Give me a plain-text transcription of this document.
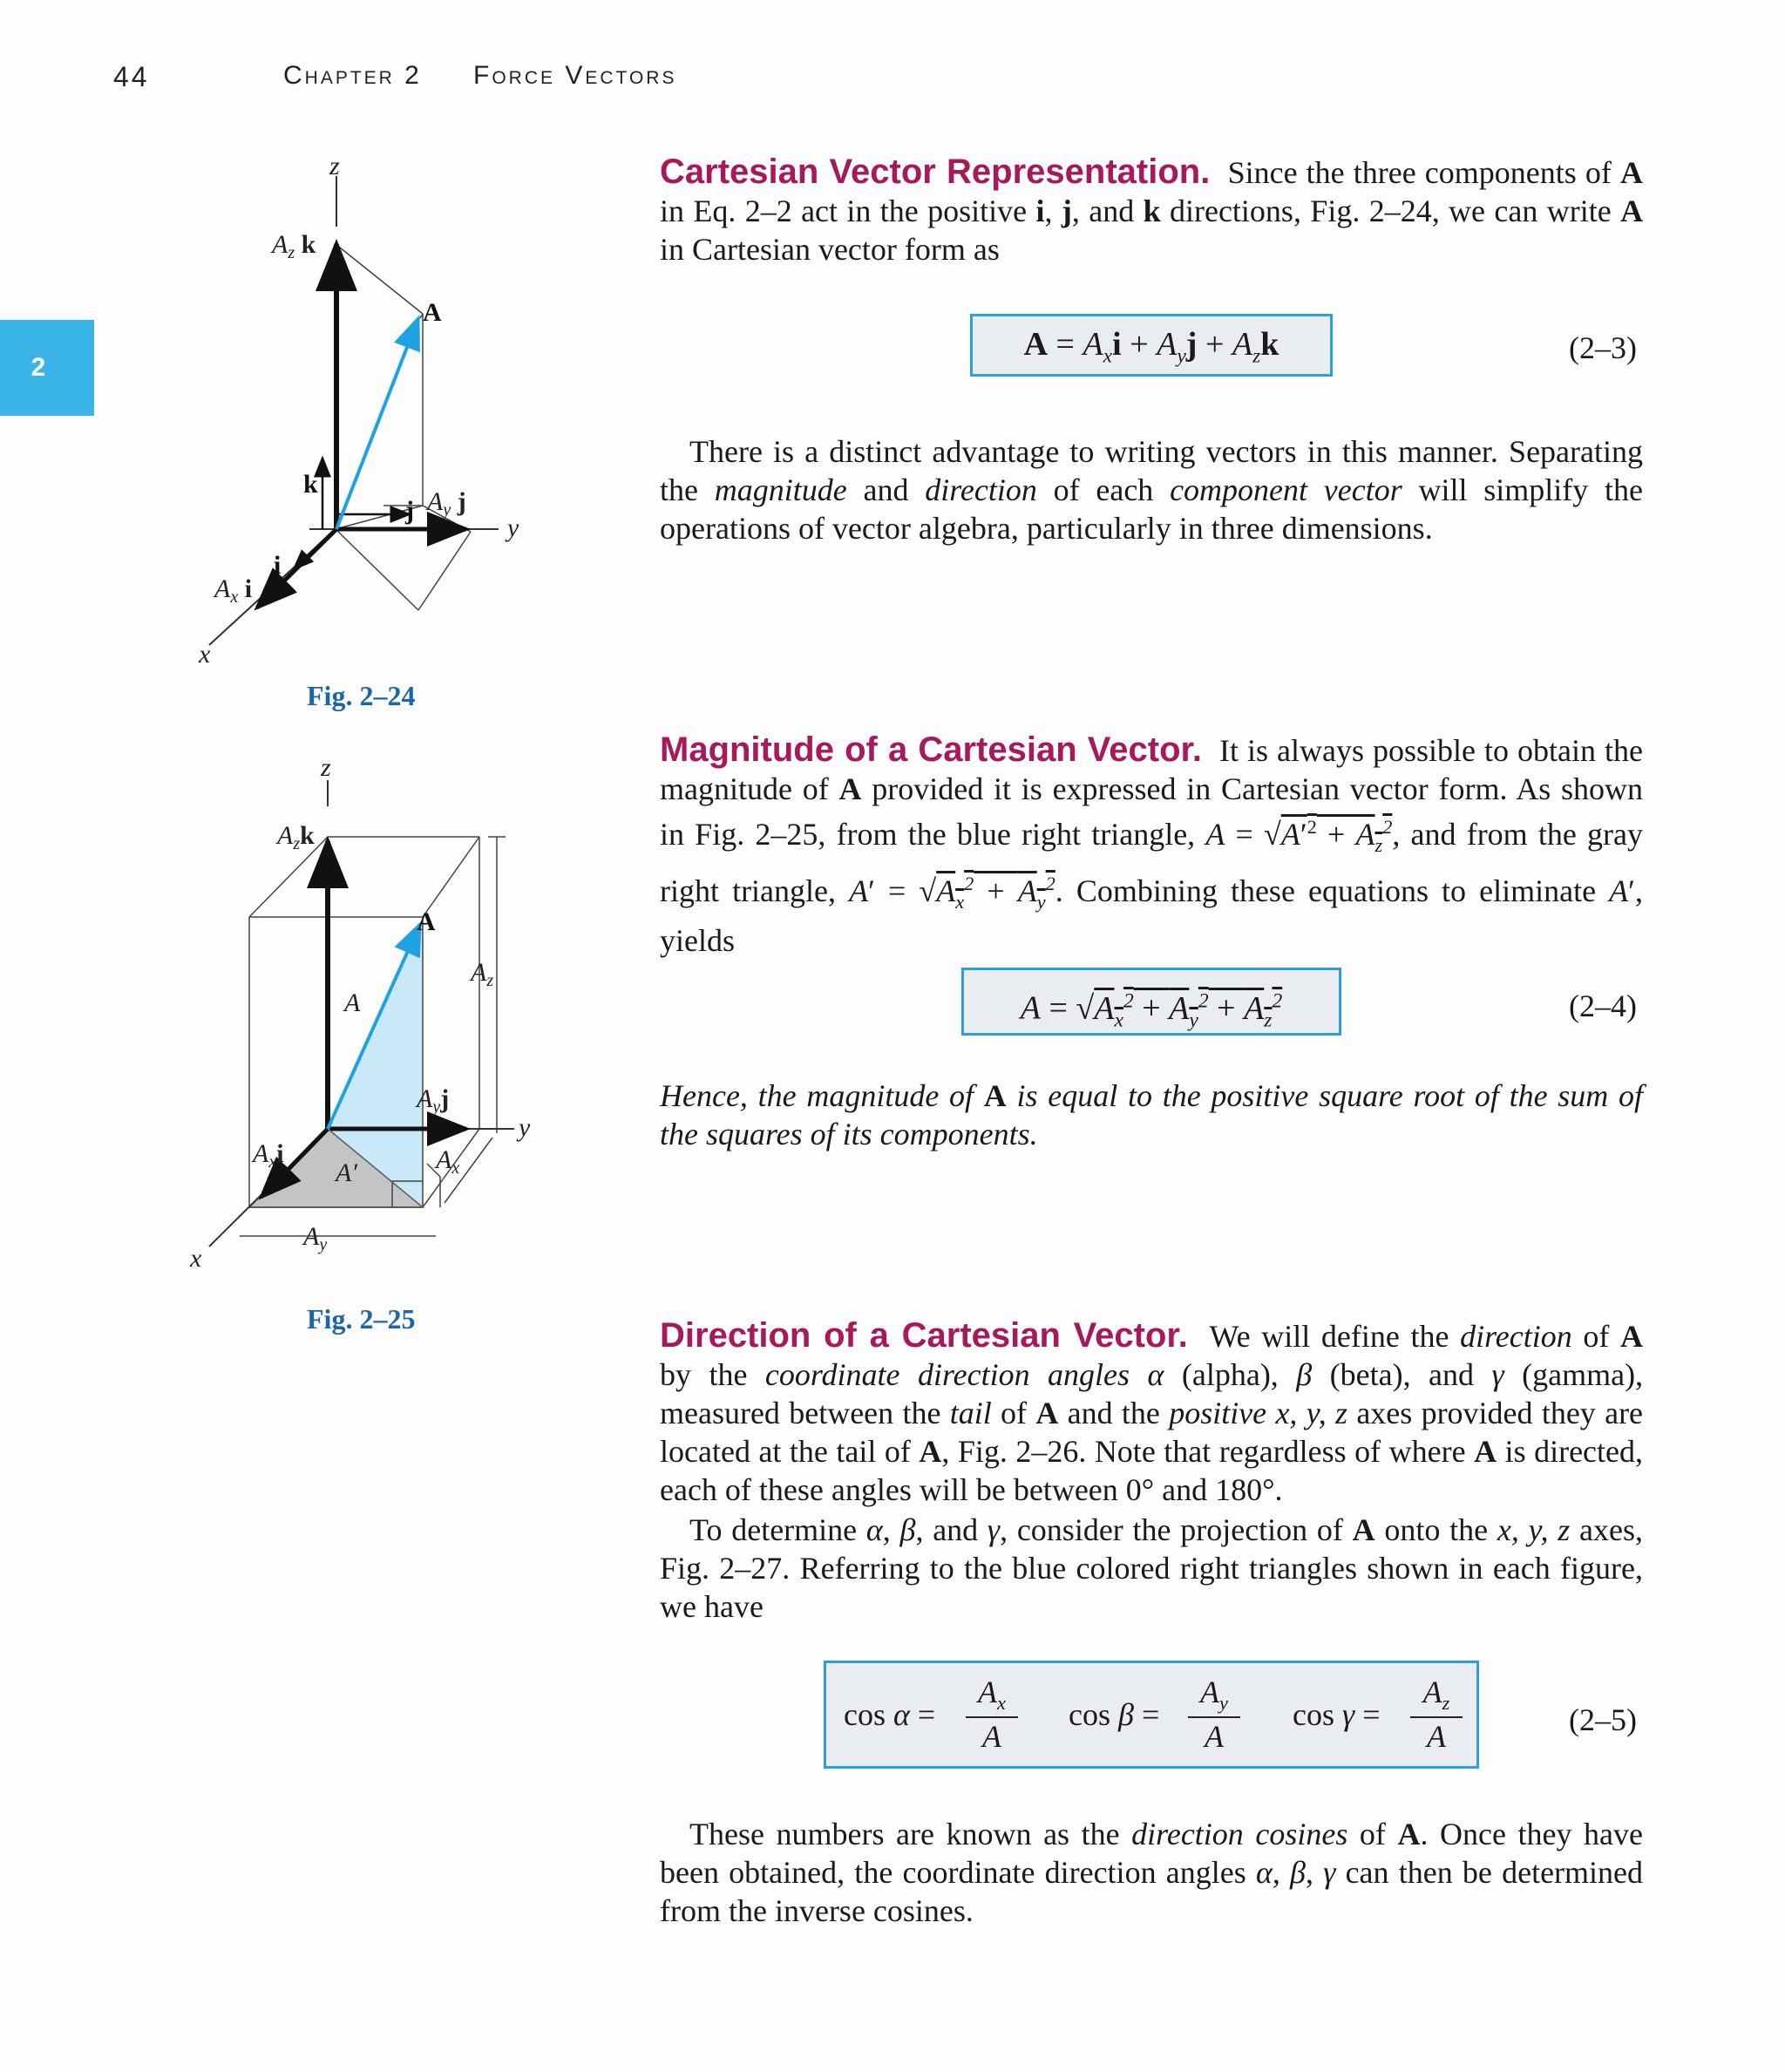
44	Chapter 2 Force Vectors
2
z
$A_z$ k
A
k
j $A_y$ j
y
i
$A_x$ i
x
Fig. 2–24
z
$A_zk$
A
A
$A_z$
$A_yj$
y
$A_x$
$A_xi$
A′
$A_y$
x
Fig. 2–25
Cartesian Vector Representation. Since the three components of A in Eq. 2–2 act in the positive i, j, and k directions, Fig. 2–24, we can write A in Cartesian vector form as
$A = A_xi + A_yj + A_zk$	(2–3)
There is a distinct advantage to writing vectors in this manner. Separating the magnitude and direction of each component vector will simplify the operations of vector algebra, particularly in three dimensions.
Magnitude of a Cartesian Vector. It is always possible to obtain the magnitude of A provided it is expressed in Cartesian vector form. As shown in Fig. 2–25, from the blue right triangle, $A = √A'^2 + A_z^2$, and from the gray right triangle, $A' = √A_x^2 + A_y^2$. Combining these equations to eliminate A′, yields
$A = √A_x^2 + A_y^2 + A_z^2$	(2–4)
Hence, the magnitude of A is equal to the positive square root of the sum of the squares of its components.
Direction of a Cartesian Vector. We will define the direction of A by the coordinate direction angles α (alpha), β (beta), and γ (gamma), measured between the tail of A and the positive x, y, z axes provided they are located at the tail of A, Fig. 2–26. Note that regardless of where A is directed, each of these angles will be between 0° and 180°.
To determine α, β, and γ, consider the projection of A onto the x, y, z axes, Fig. 2–27. Referring to the blue colored right triangles shown in each figure, we have
cos α =
$A_x$
A
cos β =
$A_y$
A
cos γ =
$A_z$
A	(2–5)
These numbers are known as the direction cosines of A. Once they have been obtained, the coordinate direction angles α, β, γ can then be determined from the inverse cosines.
